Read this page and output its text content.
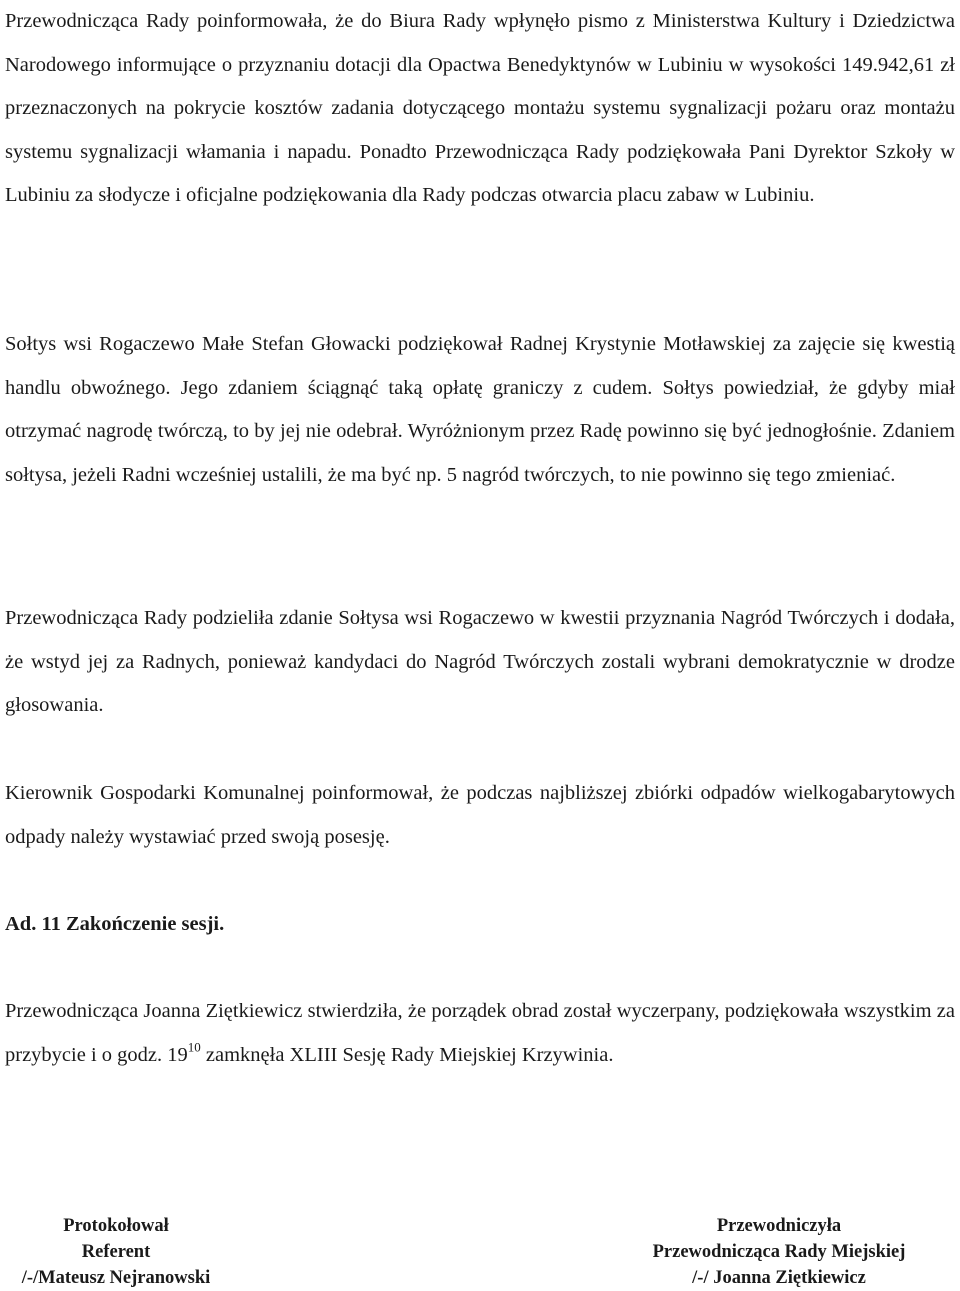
Przewodnicząca Rady poinformowała, że do Biura Rady wpłynęło pismo z Ministerstwa Kultury i Dziedzictwa Narodowego informujące o przyznaniu dotacji dla Opactwa Benedyktynów w Lubiniu w wysokości 149.942,61 zł przeznaczonych na pokrycie kosztów zadania dotyczącego montażu systemu sygnalizacji pożaru oraz montażu systemu sygnalizacji włamania i napadu. Ponadto Przewodnicząca Rady podziękowała Pani Dyrektor Szkoły w Lubiniu za słodycze i oficjalne podziękowania dla Rady podczas otwarcia placu zabaw w Lubiniu.

Sołtys wsi Rogaczewo Małe Stefan Głowacki podziękował Radnej Krystynie Motławskiej za zajęcie się kwestią handlu obwoźnego. Jego zdaniem ściągnąć taką opłatę graniczy z cudem. Sołtys powiedział, że gdyby miał otrzymać nagrodę twórczą, to by jej nie odebrał. Wyróżnionym przez Radę powinno się być jednogłośnie. Zdaniem sołtysa, jeżeli Radni wcześniej ustalili, że ma być np. 5 nagród twórczych, to nie powinno się tego zmieniać.

Przewodnicząca Rady podzieliła zdanie Sołtysa wsi Rogaczewo w kwestii przyznania Nagród Twórczych i dodała, że wstyd jej za Radnych, ponieważ kandydaci do Nagród Twórczych zostali wybrani demokratycznie w drodze głosowania.

Kierownik Gospodarki Komunalnej poinformował, że podczas najbliższej zbiórki odpadów wielkogabarytowych odpady należy wystawiać przed swoją posesję.

Ad. 11 Zakończenie sesji.

Przewodnicząca Joanna Ziętkiewicz stwierdziła, że porządek obrad został wyczerpany, podziękowała wszystkim za przybycie i o godz. $19^{10}$ zamknęła XLIII Sesję Rady Miejskiej Krzywinia.

Protokołował
Referent
/-/Mateusz Nejranowski
Przewodniczyła
Przewodnicząca Rady Miejskiej
/-/ Joanna Ziętkiewicz
